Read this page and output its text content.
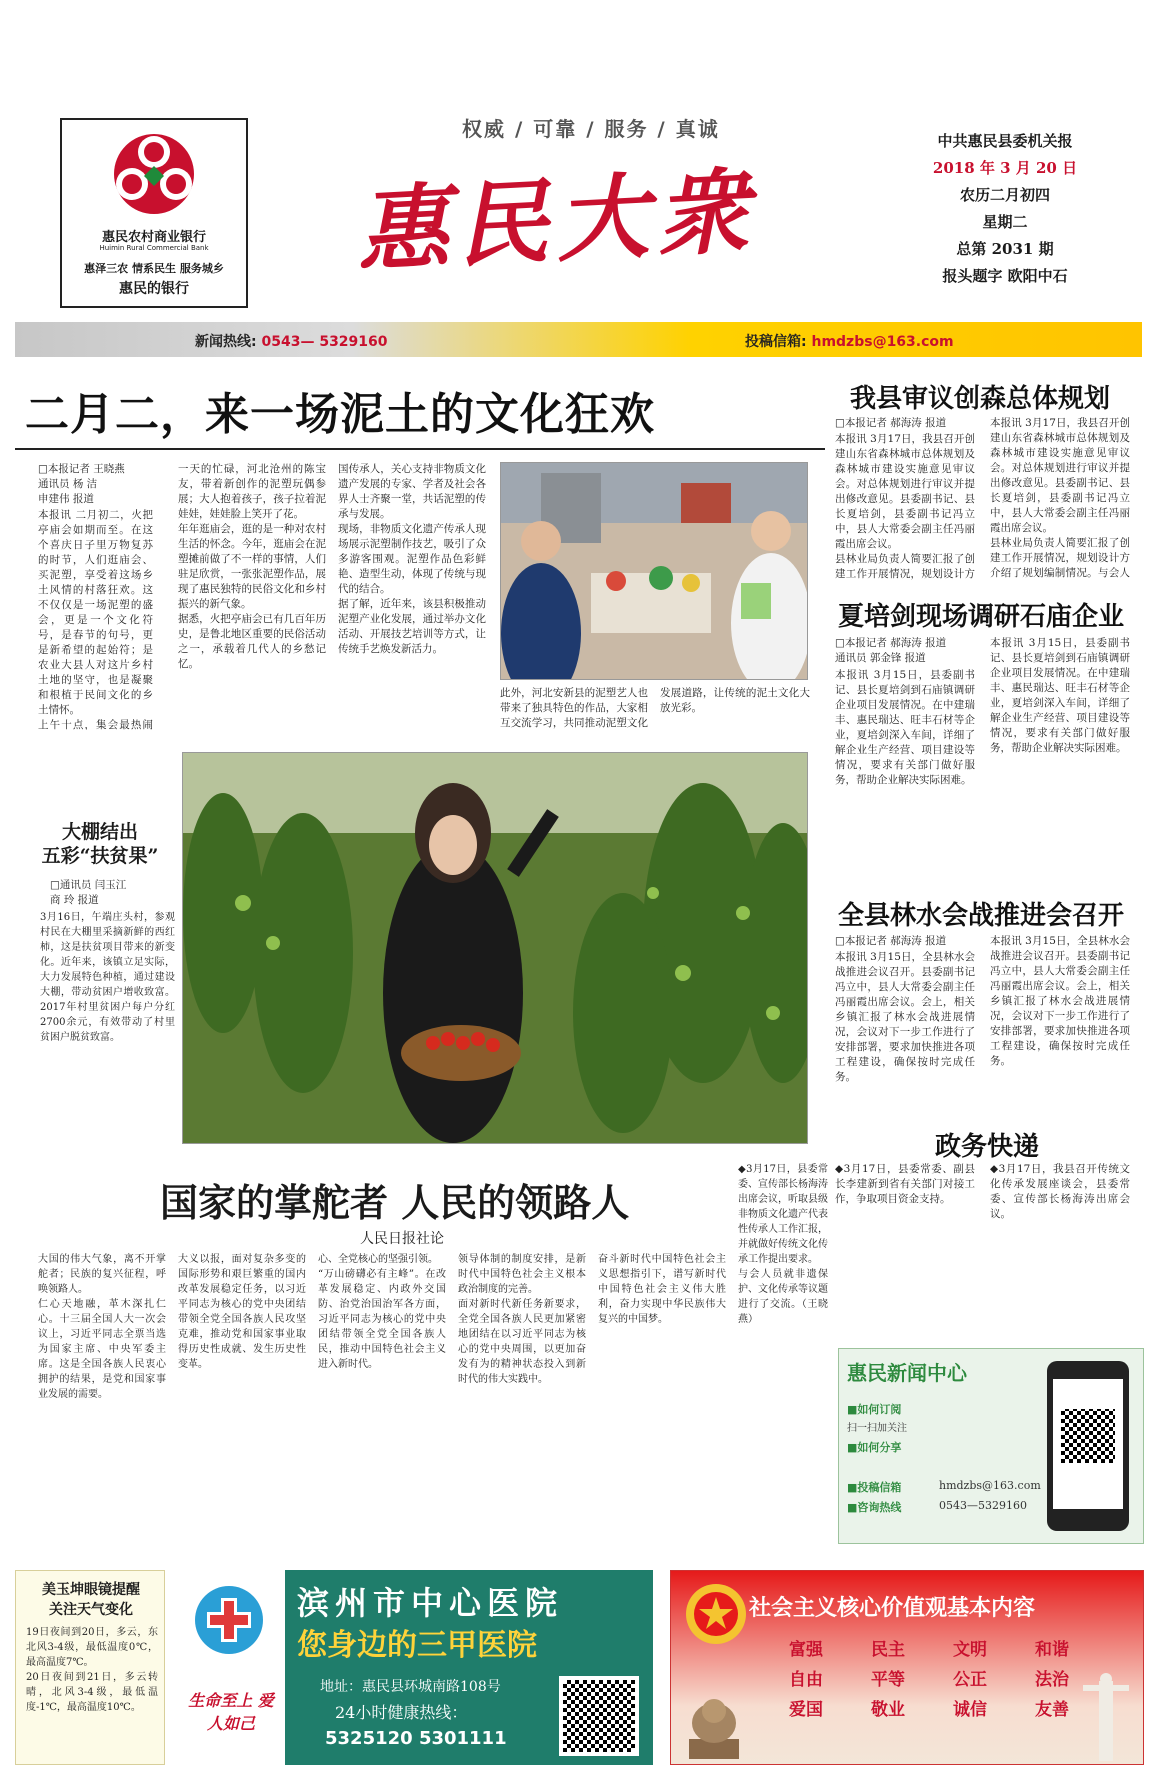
惠民农村商业银行
Huimin Rural Commercial Bank
惠泽三农 情系民生 服务城乡
惠民的银行
权威 / 可靠 / 服务 / 真诚
惠民大衆
中共惠民县委机关报
2018 年 3 月 20 日
农历二月初四
星期二
总第 2031 期
报头题字 欧阳中石
新闻热线: 0543— 5329160	投稿信箱: hmdzbs@163.com
二月二，来一场泥土的文化狂欢
□本报记者 王晓燕
通讯员 杨 洁
申建伟 报道
本报讯 二月初二，火把亭庙会如期而至。在这个喜庆日子里万物复苏的时节，人们逛庙会、买泥塑，享受着这场乡土风情的村落狂欢。这不仅仅是一场泥塑的盛会，更是一个文化符号，是春节的句号，更是新希望的起始符；是农业大县人对这片乡村土地的坚守，也是凝聚和根植于民间文化的乡土情怀。
上午十点，集会最热闹

一天的忙碌，河北沧州的陈宝友，带着新创作的泥塑玩偶参展；大人抱着孩子，孩子拉着泥娃娃，娃娃脸上笑开了花。
年年逛庙会，逛的是一种对农村生活的怀念。今年，逛庙会在泥塑摊前做了不一样的事情，人们驻足欣赏，一张张泥塑作品，展现了惠民独特的民俗文化和乡村振兴的新气象。
据悉，火把亭庙会已有几百年历史，是鲁北地区重要的民俗活动之一，承载着几代人的乡愁记忆。
国传承人，关心支持非物质文化遗产发展的专家、学者及社会各界人士齐聚一堂，共话泥塑的传承与发展。
现场，非物质文化遗产传承人现场展示泥塑制作技艺，吸引了众多游客围观。泥塑作品色彩鲜艳、造型生动，体现了传统与现代的结合。
据了解，近年来，该县积极推动泥塑产业化发展，通过举办文化活动、开展技艺培训等方式，让传统手艺焕发新活力。
此外，河北安新县的泥塑艺人也带来了独具特色的作品，大家相互交流学习，共同推动泥塑文化

发展道路，让传统的泥土文化大放光彩。
大棚结出
五彩“扶贫果”
□通讯员 闫玉江
商 玲 报道
3月16日，午端庄头村，参观村民在大棚里采摘新鲜的西红柿，这是扶贫项目带来的新变化。近年来，该镇立足实际，大力发展特色种植，通过建设大棚，带动贫困户增收致富。2017年村里贫困户每户分红2700余元，有效带动了村里贫困户脱贫致富。
我县审议创森总体规划
□本报记者 郝海涛 报道
本报讯 3月17日，我县召开创建山东省森林城市总体规划及森林城市建设实施意见审议会。对总体规划进行审议并提出修改意见。县委副书记、县长夏培剑，县委副书记冯立中，县人大常委会副主任冯丽霞出席会议。
县林业局负责人简要汇报了创建工作开展情况，规划设计方
本报讯 3月17日，我县召开创建山东省森林城市总体规划及森林城市建设实施意见审议会。对总体规划进行审议并提出修改意见。县委副书记、县长夏培剑，县委副书记冯立中，县人大常委会副主任冯丽霞出席会议。
县林业局负责人简要汇报了创建工作开展情况，规划设计方介绍了规划编制情况。与会人
夏培剑现场调研石庙企业
□本报记者 郝海涛 报道
通讯员 郭金锋 报道
本报讯 3月15日，县委副书记、县长夏培剑到石庙镇调研企业项目发展情况。在中建瑞丰、惠民瑞达、旺丰石材等企业，夏培剑深入车间，详细了解企业生产经营、项目建设等情况，要求有关部门做好服务，帮助企业解决实际困难。
本报讯 3月15日，县委副书记、县长夏培剑到石庙镇调研企业项目发展情况。在中建瑞丰、惠民瑞达、旺丰石材等企业，夏培剑深入车间，详细了解企业生产经营、项目建设等情况，要求有关部门做好服务，帮助企业解决实际困难。
全县林水会战推进会召开
□本报记者 郝海涛 报道
本报讯 3月15日，全县林水会战推进会议召开。县委副书记冯立中，县人大常委会副主任冯丽霞出席会议。会上，相关乡镇汇报了林水会战进展情况，会议对下一步工作进行了安排部署，要求加快推进各项工程建设，确保按时完成任务。
本报讯 3月15日，全县林水会战推进会议召开。县委副书记冯立中，县人大常委会副主任冯丽霞出席会议。会上，相关乡镇汇报了林水会战进展情况，会议对下一步工作进行了安排部署，要求加快推进各项工程建设，确保按时完成任务。
政务快递
◆3月17日，县委常委、副县长李建新到省有关部门对接工作，争取项目资金支持。
◆3月17日，我县召开传统文化传承发展座谈会，县委常委、宣传部长杨海涛出席会议。
国家的掌舵者 人民的领路人
人民日报社论
大国的伟大气象，离不开掌舵者；民族的复兴征程，呼唤领路人。
仁心天地融，革木深扎仁心。十三届全国人大一次会议上，习近平同志全票当选为国家主席、中央军委主席。这是全国各族人民衷心拥护的结果，是党和国家事业发展的需要。
大义以报，面对复杂多变的国际形势和艰巨繁重的国内改革发展稳定任务，以习近平同志为核心的党中央团结带领全党全国各族人民攻坚克难，推动党和国家事业取得历史性成就、发生历史性变革。
心、全党核心的坚强引领。
“万山磅礴必有主峰”。在改革发展稳定、内政外交国防、治党治国治军各方面，习近平同志为核心的党中央团结带领全党全国各族人民，推动中国特色社会主义进入新时代。
领导体制的制度安排，是新时代中国特色社会主义根本政治制度的完善。
面对新时代新任务新要求，全党全国各族人民更加紧密地团结在以习近平同志为核心的党中央周围，以更加奋发有为的精神状态投入到新时代的伟大实践中。
奋斗新时代中国特色社会主义思想指引下，谱写新时代中国特色社会主义伟大胜利，奋力实现中华民族伟大复兴的中国梦。
◆3月17日，县委常委、宣传部长杨海涛出席会议，听取县级非物质文化遗产代表性传承人工作汇报，并就做好传统文化传承工作提出要求。
与会人员就非遗保护、文化传承等议题进行了交流。（王晓燕）
惠民新闻中心
■如何订阅
扫一扫加关注
■如何分享
■投稿信箱	hmdzbs@163.com
■咨询热线	0543—5329160
美玉坤眼镜提醒
关注天气变化
19日夜间到20日，多云，东北风3-4级，最低温度0℃，最高温度7℃。
20日夜间到21日，多云转晴，北风3-4级，最低温度-1℃，最高温度10℃。	生命至上 爱人如己
滨州市中心医院
您身边的三甲医院
地址：惠民县环城南路108号
24小时健康热线：
5325120 5301111
社会主义核心价值观基本内容
富强	民主	文明	和谐
自由	平等	公正	法治
爱国	敬业	诚信	友善
